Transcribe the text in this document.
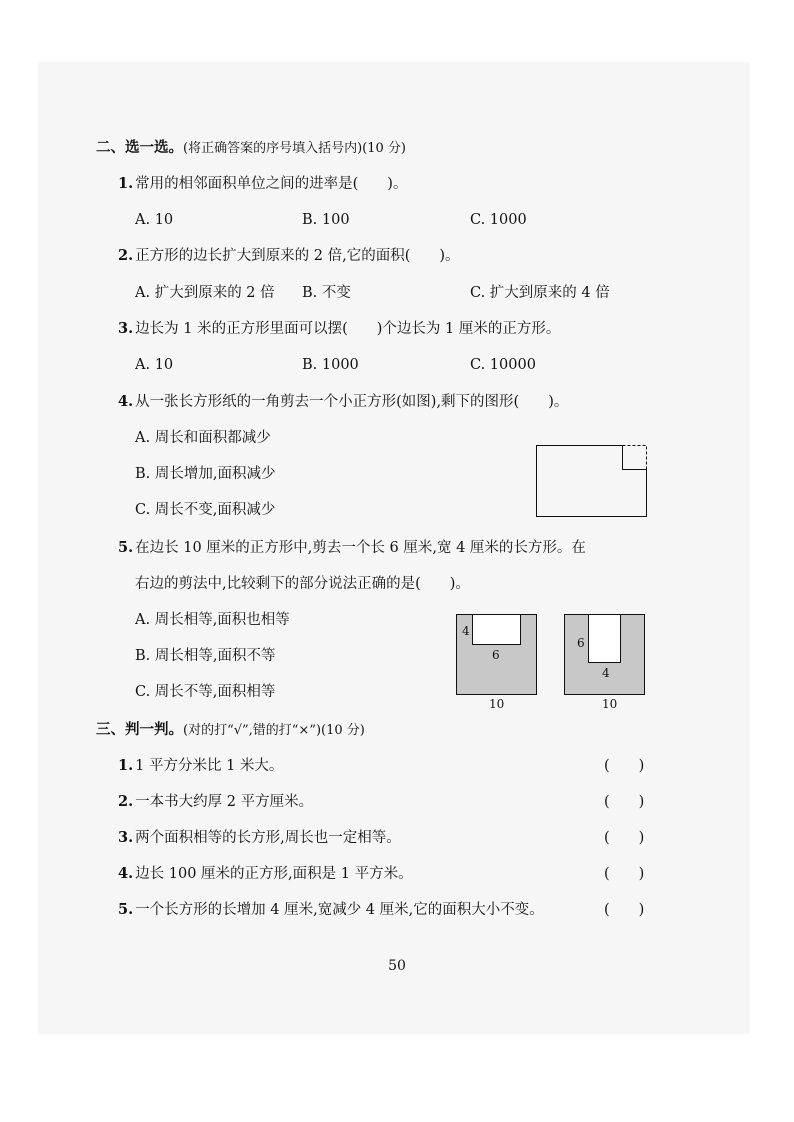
二、选一选。(将正确答案的序号填入括号内)(10 分)
1. 常用的相邻面积单位之间的进率是(　　)。
A. 10	B. 100	C. 1000
2. 正方形的边长扩大到原来的 2 倍,它的面积(　　)。
A. 扩大到原来的 2 倍 B. 不变	C. 扩大到原来的 4 倍
3. 边长为 1 米的正方形里面可以摆(　　)个边长为 1 厘米的正方形。
A. 10	B. 1000	C. 10000
4. 从一张长方形纸的一角剪去一个小正方形(如图),剩下的图形(　　)。
A. 周长和面积都减少
B. 周长增加,面积减少
C. 周长不变,面积减少
5. 在边长 10 厘米的正方形中,剪去一个长 6 厘米,宽 4 厘米的长方形。在
右边的剪法中,比较剩下的部分说法正确的是(　　)。
A. 周长相等,面积也相等
B. 周长相等,面积不等
C. 周长不等,面积相等
4
6
10
6
4
10
三、判一判。(对的打“√”,错的打“×”)(10 分)
1. 1 平方分米比 1 米大。	(　　)
2. 一本书大约厚 2 平方厘米。	(　　)
3. 两个面积相等的长方形,周长也一定相等。	(　　)
4. 边长 100 厘米的正方形,面积是 1 平方米。	(　　)
5. 一个长方形的长增加 4 厘米,宽减少 4 厘米,它的面积大小不变。	(　　)
50
